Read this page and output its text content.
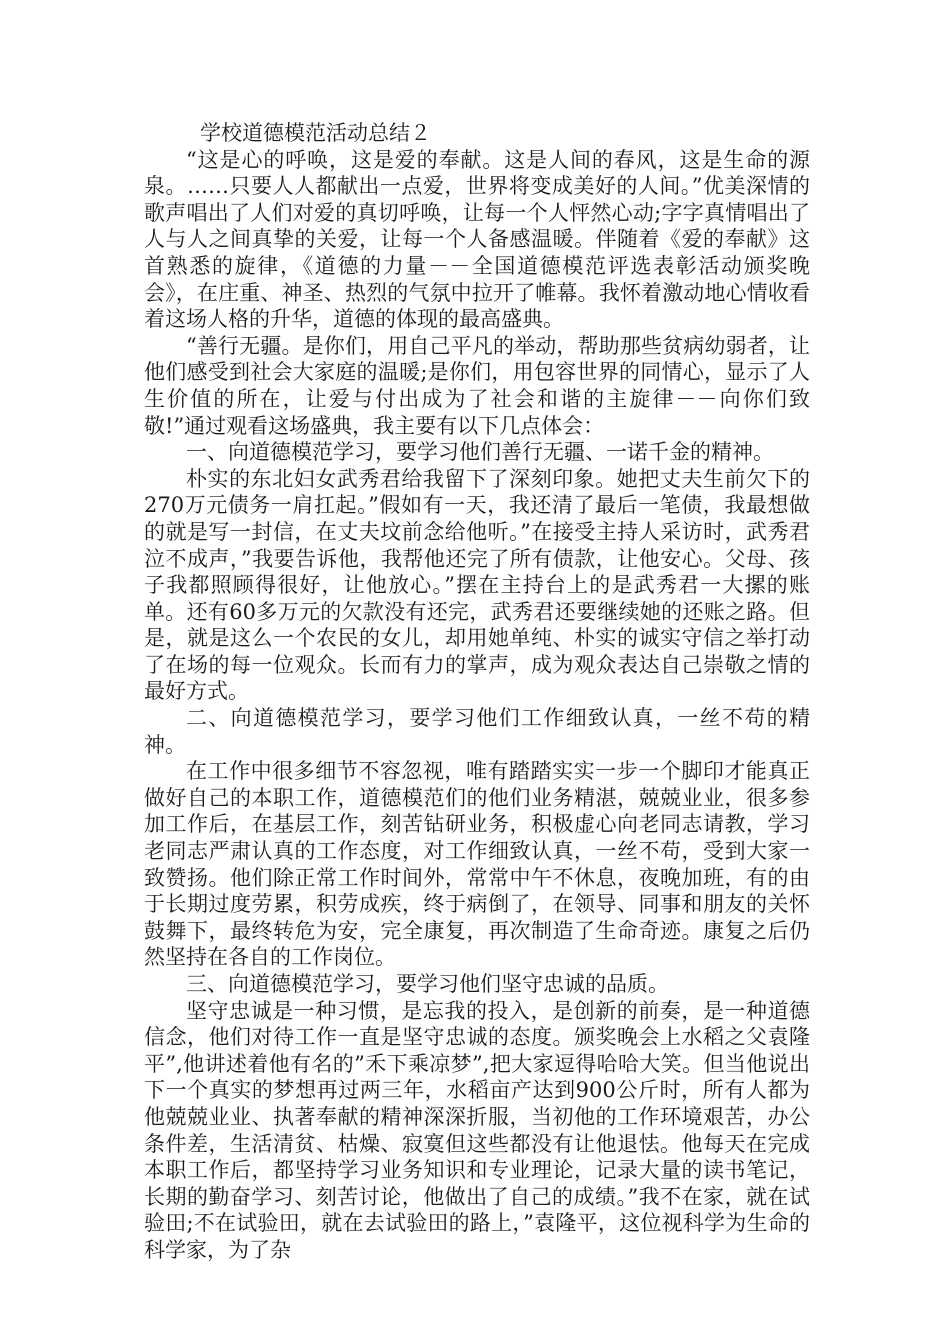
学校道德模范活动总结２

“这是心的呼唤，这是爱的奉献。这是人间的春风，这是生命的源泉。……只要人人都献出一点爱，世界将变成美好的人间。”优美深情的歌声唱出了人们对爱的真切呼唤，让每一个人怦然心动;字字真情唱出了人与人之间真挚的关爱，让每一个人备感温暖。伴随着《爱的奉献》这首熟悉的旋律，《道德的力量－－全国道德模范评选表彰活动颁奖晚会》，在庄重、神圣、热烈的气氛中拉开了帷幕。我怀着激动地心情收看着这场人格的升华，道德的体现的最高盛典。

“善行无疆。是你们，用自己平凡的举动，帮助那些贫病幼弱者，让他们感受到社会大家庭的温暖;是你们，用包容世界的同情心，显示了人生价值的所在，让爱与付出成为了社会和谐的主旋律－－向你们致敬!”通过观看这场盛典，我主要有以下几点体会：

一、向道德模范学习，要学习他们善行无疆、一诺千金的精神。

朴实的东北妇女武秀君给我留下了深刻印象。她把丈夫生前欠下的270万元债务一肩扛起。”假如有一天，我还清了最后一笔债，我最想做的就是写一封信，在丈夫坟前念给他听。”在接受主持人采访时，武秀君泣不成声，”我要告诉他，我帮他还完了所有债款，让他安心。父母、孩子我都照顾得很好，让他放心。”摆在主持台上的是武秀君一大摞的账单。还有60多万元的欠款没有还完，武秀君还要继续她的还账之路。但是，就是这么一个农民的女儿，却用她单纯、朴实的诚实守信之举打动了在场的每一位观众。长而有力的掌声，成为观众表达自己崇敬之情的最好方式。

二、向道德模范学习，要学习他们工作细致认真，一丝不苟的精神。

在工作中很多细节不容忽视，唯有踏踏实实一步一个脚印才能真正做好自己的本职工作，道德模范们的他们业务精湛，兢兢业业，很多参加工作后，在基层工作，刻苦钻研业务，积极虚心向老同志请教，学习老同志严肃认真的工作态度，对工作细致认真，一丝不苟，受到大家一致赞扬。他们除正常工作时间外，常常中午不休息，夜晚加班，有的由于长期过度劳累，积劳成疾，终于病倒了，在领导、同事和朋友的关怀鼓舞下，最终转危为安，完全康复，再次制造了生命奇迹。康复之后仍然坚持在各自的工作岗位。

三、向道德模范学习，要学习他们坚守忠诚的品质。

坚守忠诚是一种习惯，是忘我的投入，是创新的前奏，是一种道德信念，他们对待工作一直是坚守忠诚的态度。颁奖晚会上水稻之父袁隆平”,他讲述着他有名的”禾下乘凉梦”,把大家逗得哈哈大笑。但当他说出下一个真实的梦想再过两三年，水稻亩产达到900公斤时，所有人都为他兢兢业业、执著奉献的精神深深折服，当初他的工作环境艰苦，办公条件差，生活清贫、枯燥、寂寞但这些都没有让他退怯。他每天在完成本职工作后，都坚持学习业务知识和专业理论，记录大量的读书笔记，长期的勤奋学习、刻苦讨论，他做出了自己的成绩。”我不在家，就在试验田;不在试验田，就在去试验田的路上，”袁隆平，这位视科学为生命的科学家，为了杂
